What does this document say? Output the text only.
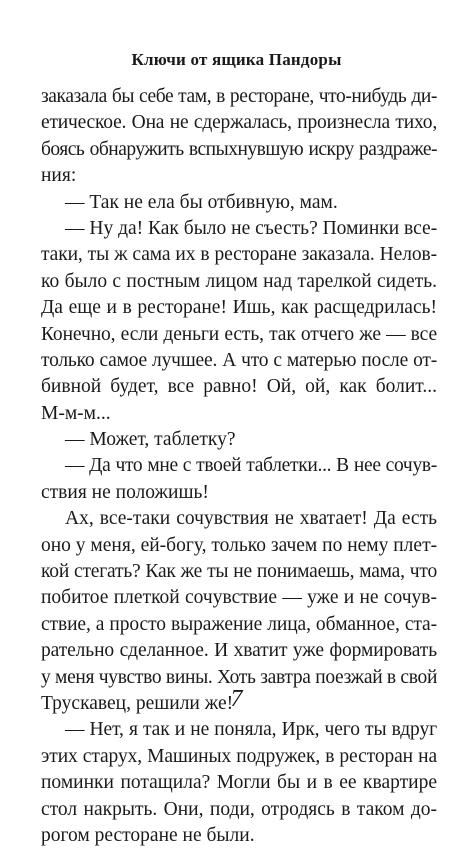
Ключи от ящика Пандоры
заказала бы себе там, в ресторане, что-нибудь ди-
етическое. Она не сдержалась, произнесла тихо,
боясь обнаружить вспыхнувшую искру раздраже-
ния:
— Так не ела бы отбивную, мам.
— Ну да! Как было не съесть? Поминки все-
таки, ты ж сама их в ресторане заказала. Нелов-
ко было с постным лицом над тарелкой сидеть.
Да еще и в ресторане! Ишь, как расщедрилась!
Конечно, если деньги есть, так отчего же — все
только самое лучшее. А что с матерью после от-
бивной будет, все равно! Ой, ой, как болит...
М-м-м...
— Может, таблетку?
— Да что мне с твоей таблетки... В нее сочув-
ствия не положишь!
Ах, все-таки сочувствия не хватает! Да есть
оно у меня, ей-богу, только зачем по нему плет-
кой стегать? Как же ты не понимаешь, мама, что
побитое плеткой сочувствие — уже и не сочув-
ствие, а просто выражение лица, обманное, ста-
рательно сделанное. И хватит уже формировать
у меня чувство вины. Хоть завтра поезжай в свой
Трускавец, решили же!
— Нет, я так и не поняла, Ирк, чего ты вдруг
этих старух, Машиных подружек, в ресторан на
поминки потащила? Могли бы и в ее квартире
стол накрыть. Они, поди, отродясь в таком до-
рогом ресторане не были.
7
